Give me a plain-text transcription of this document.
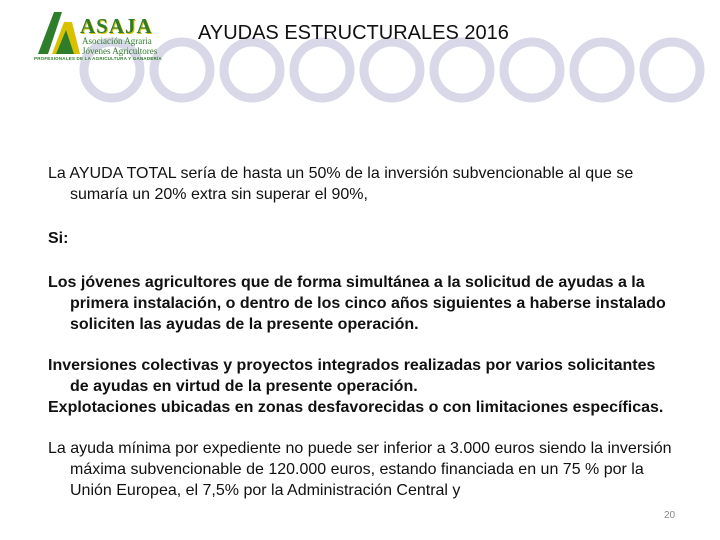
ASAJA
Asociación Agraria
Jóvenes Agricultores
PROFESIONALES DE LA AGRICULTURA Y GANADERÍA
AYUDAS ESTRUCTURALES 2016

La AYUDA TOTAL sería de hasta un 50% de la inversión subvencionable al que se sumaría un 20% extra sin superar el 90%,

Si:

Los jóvenes agricultores que de forma simultánea a la solicitud de ayudas a la primera instalación, o dentro de los cinco años siguientes a haberse instalado soliciten las ayudas de la presente operación.

Inversiones colectivas y proyectos integrados realizadas por varios solicitantes de ayudas en virtud de la presente operación.

Explotaciones ubicadas en zonas desfavorecidas o con limitaciones específicas.

La ayuda mínima por expediente no puede ser inferior a 3.000 euros siendo la inversión máxima subvencionable de 120.000 euros, estando financiada en un 75 % por la Unión Europea, el 7,5% por la Administración Central y

20
